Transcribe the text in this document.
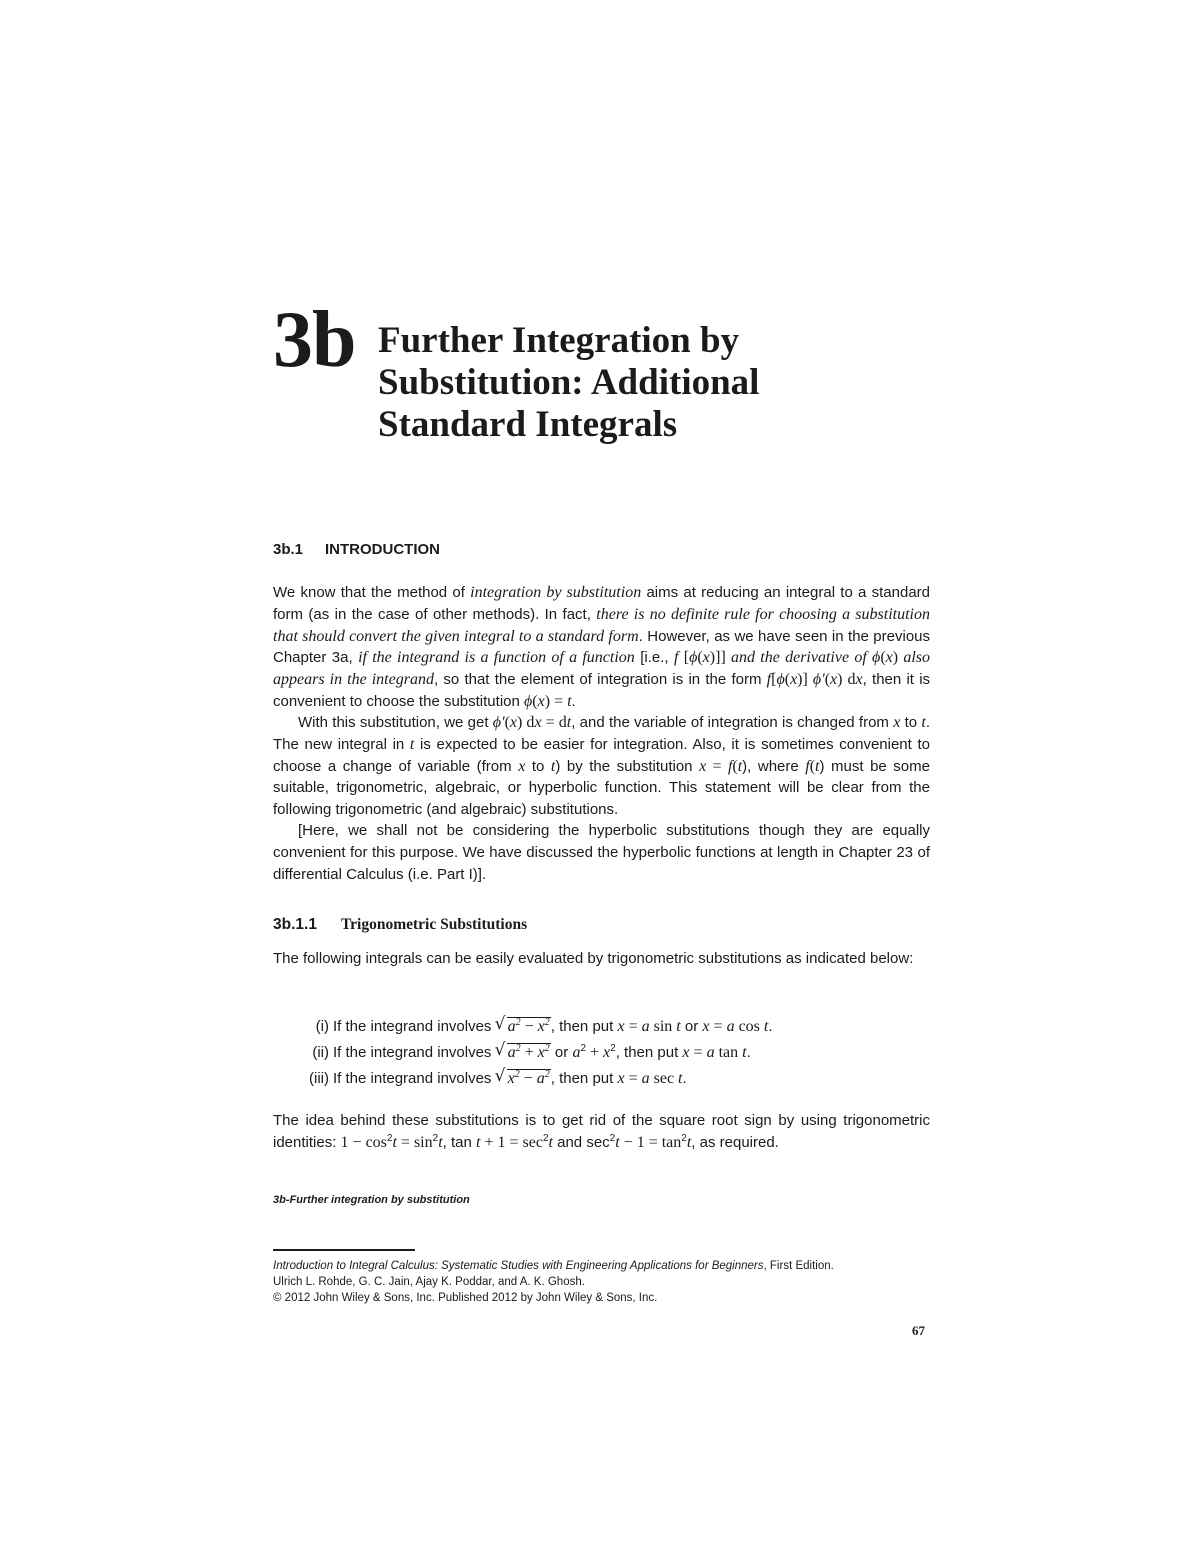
3b Further Integration by
Substitution: Additional
Standard Integrals
3b.1 INTRODUCTION

We know that the method of integration by substitution aims at reducing an integral to a standard form (as in the case of other methods). In fact, there is no definite rule for choosing a substitution that should convert the given integral to a standard form. However, as we have seen in the previous Chapter 3a, if the integrand is a function of a function [i.e., f [ϕ(x)]] and the derivative of ϕ(x) also appears in the integrand, so that the element of integration is in the form f[ϕ(x)] ϕ′(x) dx, then it is convenient to choose the substitution ϕ(x) = t.

With this substitution, we get ϕ′(x) dx = dt, and the variable of integration is changed from x to t. The new integral in t is expected to be easier for integration. Also, it is sometimes convenient to choose a change of variable (from x to t) by the substitution x = f(t), where f(t) must be some suitable, trigonometric, algebraic, or hyperbolic function. This statement will be clear from the following trigonometric (and algebraic) substitutions.

[Here, we shall not be considering the hyperbolic substitutions though they are equally convenient for this purpose. We have discussed the hyperbolic functions at length in Chapter 23 of differential Calculus (i.e. Part I)].

3b.1.1 Trigonometric Substitutions

The following integrals can be easily evaluated by trigonometric substitutions as indicated below:

(i) If the integrand involves √ $a^2 - x^2$, then put x = a sin t or x = a cos t.
(ii) If the integrand involves √ $a^2 + x^2$ or $a^2 + x^2$, then put x = a tan t.
(iii) If the integrand involves √ $x^2 - a^2$, then put x = a sec t.

The idea behind these substitutions is to get rid of the square root sign by using trigonometric identities: $1 - \cos^2t = \sin^2t$, $\tan t + 1 = \sec^2t$ and $\sec^2t - 1 = \tan^2t$, as required.

3b-Further integration by substitution
Introduction to Integral Calculus: Systematic Studies with Engineering Applications for Beginners, First Edition.
Ulrich L. Rohde, G. C. Jain, Ajay K. Poddar, and A. K. Ghosh.
© 2012 John Wiley & Sons, Inc. Published 2012 by John Wiley & Sons, Inc.
67
